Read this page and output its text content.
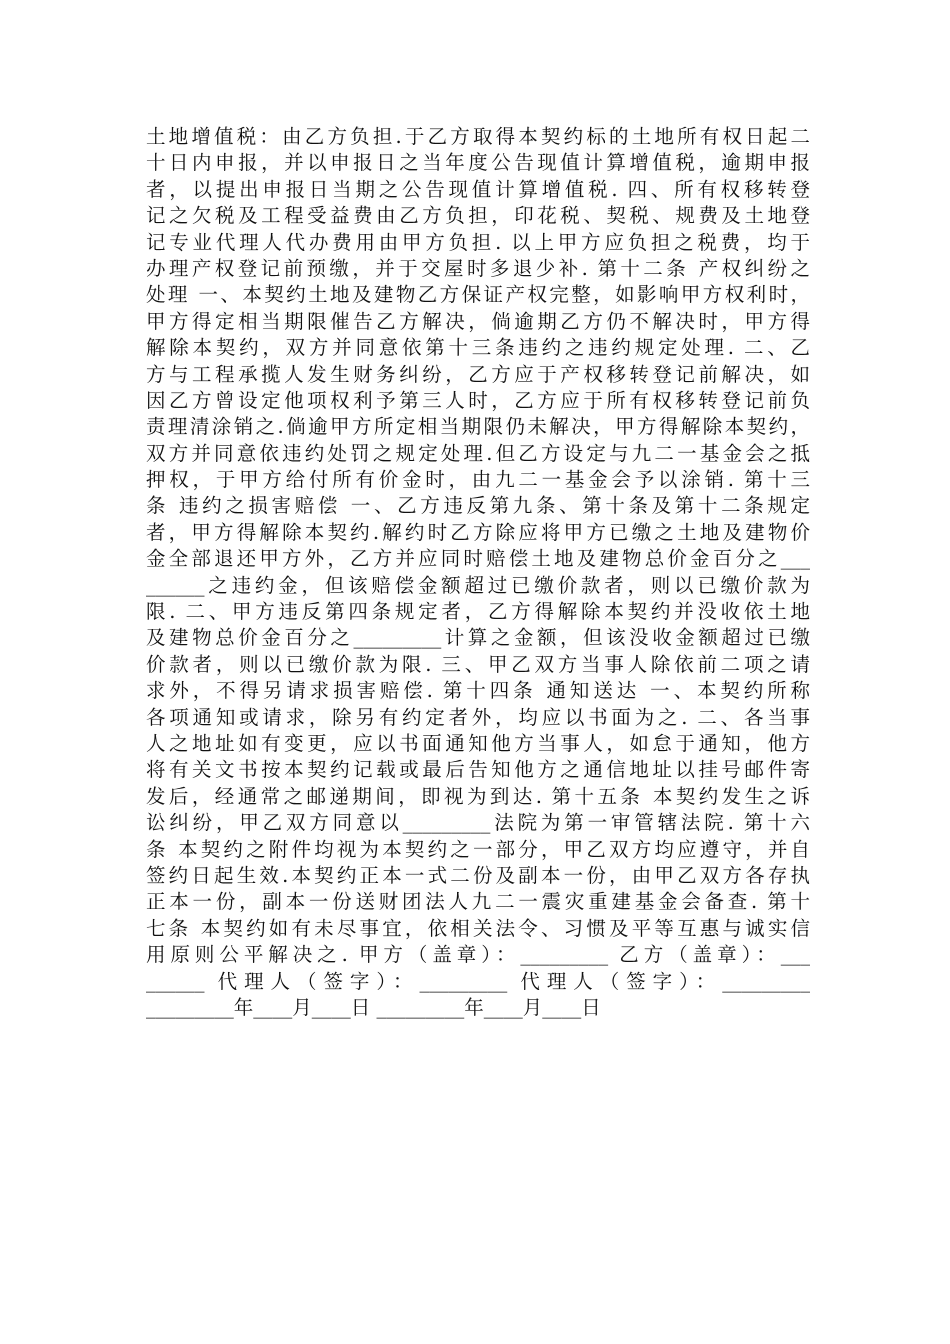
土地增值税：由乙方负担.于乙方取得本契约标的土地所有权日起二
十日内申报，并以申报日之当年度公告现值计算增值税，逾期申报
者，以提出申报日当期之公告现值计算增值税. 四、所有权移转登
记之欠税及工程受益费由乙方负担，印花税、契税、规费及土地登
记专业代理人代办费用由甲方负担. 以上甲方应负担之税费，均于
办理产权登记前预缴，并于交屋时多退少补. 第十二条 产权纠纷之
处理 一、本契约土地及建物乙方保证产权完整，如影响甲方权利时，
甲方得定相当期限催告乙方解决，倘逾期乙方仍不解决时，甲方得
解除本契约，双方并同意依第十三条违约之违约规定处理. 二、乙
方与工程承揽人发生财务纠纷，乙方应于产权移转登记前解决，如
因乙方曾设定他项权利予第三人时，乙方应于所有权移转登记前负
责理清涂销之.倘逾甲方所定相当期限仍未解决，甲方得解除本契约，
双方并同意依违约处罚之规定处理.但乙方设定与九二一基金会之抵
押权，于甲方给付所有价金时，由九二一基金会予以涂销. 第十三
条 违约之损害赔偿 一、乙方违反第九条、第十条及第十二条规定
者，甲方得解除本契约.解约时乙方除应将甲方已缴之土地及建物价
金全部退还甲方外，乙方并应同时赔偿土地及建物总价金百分之___
______之违约金，但该赔偿金额超过已缴价款者，则以已缴价款为
限. 二、甲方违反第四条规定者，乙方得解除本契约并没收依土地
及建物总价金百分之_________计算之金额，但该没收金额超过已缴
价款者，则以已缴价款为限. 三、甲乙双方当事人除依前二项之请
求外，不得另请求损害赔偿. 第十四条 通知送达 一、本契约所称
各项通知或请求，除另有约定者外，均应以书面为之. 二、各当事
人之地址如有变更，应以书面通知他方当事人，如怠于通知，他方
将有关文书按本契约记载或最后告知他方之通信地址以挂号邮件寄
发后，经通常之邮递期间，即视为到达. 第十五条 本契约发生之诉
讼纠纷，甲乙双方同意以_________法院为第一审管辖法院. 第十六
条 本契约之附件均视为本契约之一部分，甲乙双方均应遵守，并自
签约日起生效.本契约正本一式二份及副本一份，由甲乙双方各存执
正本一份，副本一份送财团法人九二一震灾重建基金会备查. 第十
七条 本契约如有未尽事宜，依相关法令、习惯及平等互惠与诚实信
用原则公平解决之. 甲方（盖章）：_________ 乙方（盖章）：___
______ 代理人（签字）：_________ 代理人（签字）：_________
_________年____月____日 _________年____月____日
